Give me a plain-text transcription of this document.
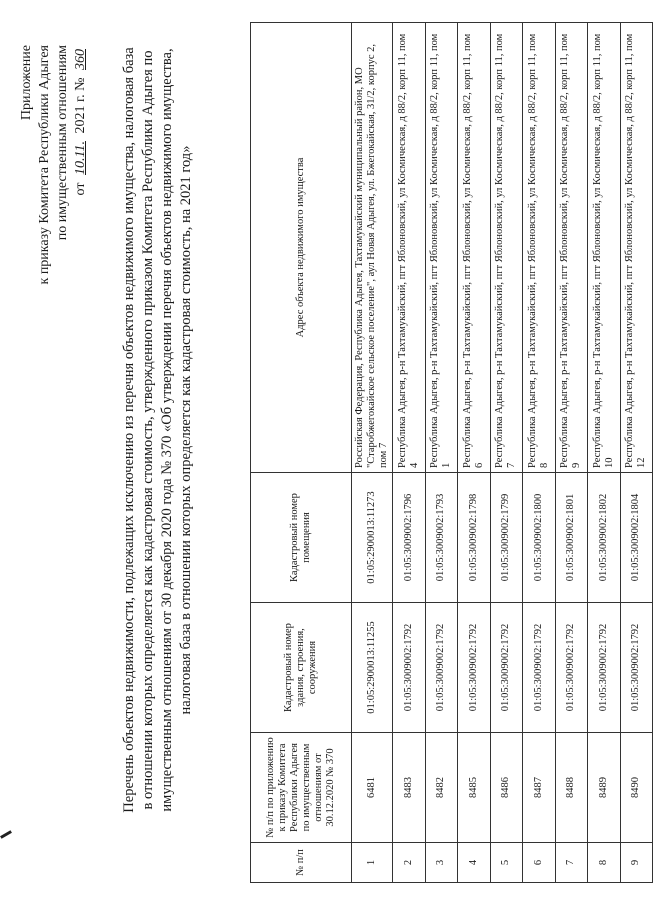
Приложение к приказу Комитета Республики Адыгея по имущественным отношениям от 10.11. 2021 г. № 360 Перечень объектов недвижимости, подлежащих исключению из перечня объектов недвижимого имущества, налоговая база в отношении которых определяется как кадастровая стоимость, утвержденного приказом Комитета Республики Адыгея по имущественным отношениям от 30 декабря 2020 года № 370 «Об утверждении перечня объектов недвижимого имущества, налоговая база в отношении которых определяется как кадастровая стоимость, на 2021 год»
№ п/п	№ п/п по приложению к приказу Комитета Республики Адыгея по имущественным отношениям от 30.12.2020 № 370	Кадастровый номер здания, строения, сооружения	Кадастровый номер помещения	Адрес объекта недвижимого имущества
1	6481	01:05:2900013:11255	01:05:2900013:11273	Российская Федерация, Республика Адыгея, Тахтамукайский муниципальный район, МО "Старобжегокайское сельское поселение", аул Новая Адыгея, ул. Бжегокайская, 31/2, корпус 2, пом 7
2	8483	01:05:3009002:1792	01:05:3009002:1796	Республика Адыгея, р-н Тахтамукайский, пгт Яблоновский, ул Космическая, д 88/2, корп 11, пом 4
3	8482	01:05:3009002:1792	01:05:3009002:1793	Республика Адыгея, р-н Тахтамукайский, пгт Яблоновский, ул Космическая, д 88/2, корп 11, пом 1
4	8485	01:05:3009002:1792	01:05:3009002:1798	Республика Адыгея, р-н Тахтамукайский, пгт Яблоновский, ул Космическая, д 88/2, корп 11, пом 6
5	8486	01:05:3009002:1792	01:05:3009002:1799	Республика Адыгея, р-н Тахтамукайский, пгт Яблоновский, ул Космическая, д 88/2, корп 11, пом 7
6	8487	01:05:3009002:1792	01:05:3009002:1800	Республика Адыгея, р-н Тахтамукайский, пгт Яблоновский, ул Космическая, д 88/2, корп 11, пом 8
7	8488	01:05:3009002:1792	01:05:3009002:1801	Республика Адыгея, р-н Тахтамукайский, пгт Яблоновский, ул Космическая, д 88/2, корп 11, пом 9
8	8489	01:05:3009002:1792	01:05:3009002:1802	Республика Адыгея, р-н Тахтамукайский, пгт Яблоновский, ул Космическая, д 88/2, корп 11, пом 10
9	8490	01:05:3009002:1792	01:05:3009002:1804	Республика Адыгея, р-н Тахтамукайский, пгт Яблоновский, ул Космическая, д 88/2, корп 11, пом 12
